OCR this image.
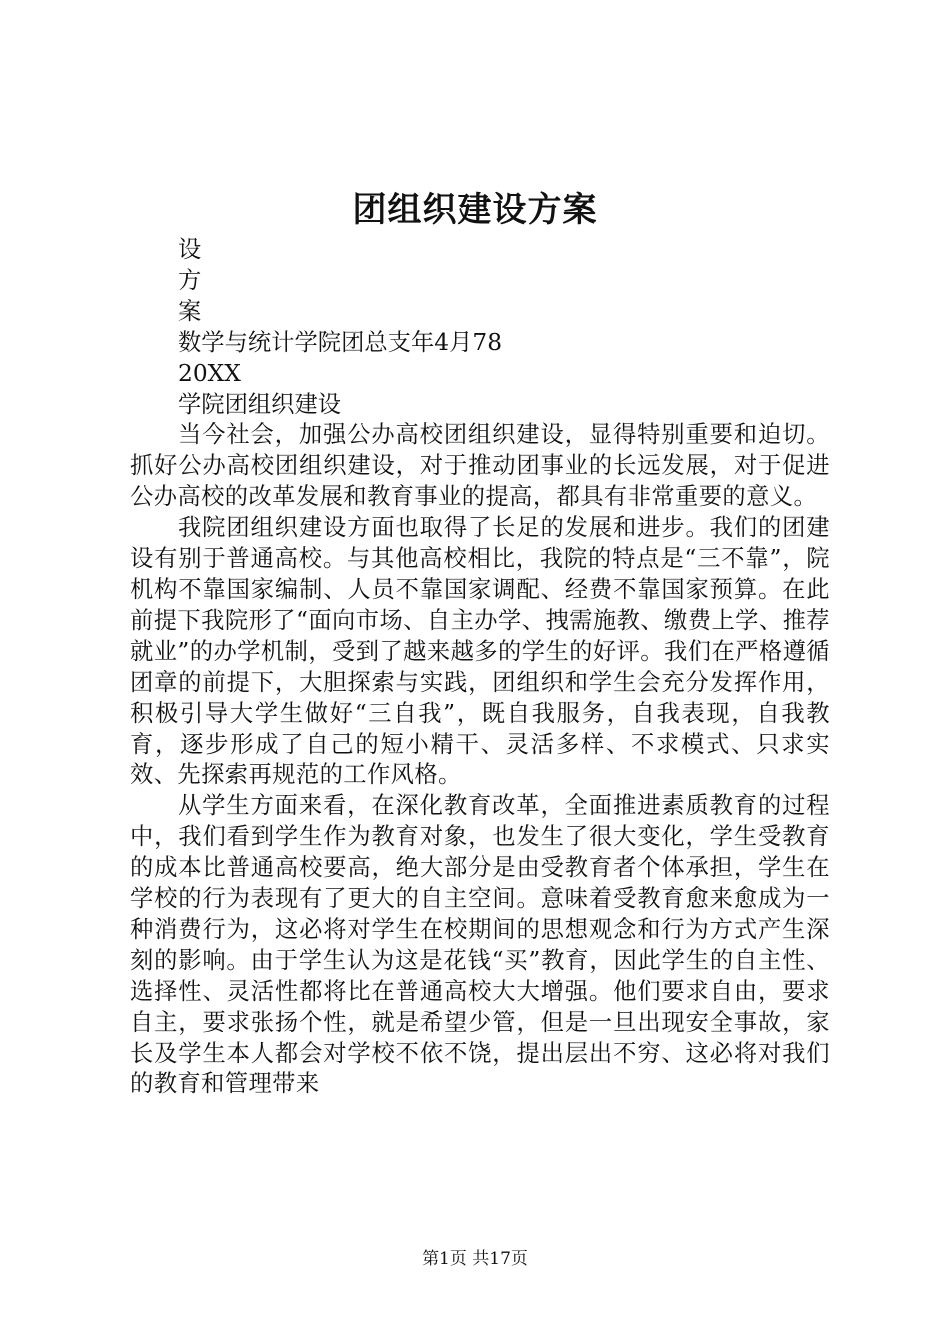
团组织建设方案
设
方
案
数学与统计学院团总支年4月78
20XX
学院团组织建设

当今社会，加强公办高校团组织建设，显得特别重要和迫切。抓好公办高校团组织建设，对于推动团事业的长远发展，对于促进公办高校的改革发展和教育事业的提高，都具有非常重要的意义。

我院团组织建设方面也取得了长足的发展和进步。我们的团建设有别于普通高校。与其他高校相比，我院的特点是“三不靠”，院机构不靠国家编制、人员不靠国家调配、经费不靠国家预算。在此前提下我院形了“面向市场、自主办学、拽需施教、缴费上学、推荐就业”的办学机制，受到了越来越多的学生的好评。我们在严格遵循团章的前提下，大胆探索与实践，团组织和学生会充分发挥作用，积极引导大学生做好“三自我”，既自我服务，自我表现，自我教育，逐步形成了自己的短小精干、灵活多样、不求模式、只求实效、先探索再规范的工作风格。

从学生方面来看，在深化教育改革，全面推进素质教育的过程中，我们看到学生作为教育对象，也发生了很大变化，学生受教育的成本比普通高校要高，绝大部分是由受教育者个体承担，学生在学校的行为表现有了更大的自主空间。意味着受教育愈来愈成为一种消费行为，这必将对学生在校期间的思想观念和行为方式产生深刻的影响。由于学生认为这是花钱“买”教育，因此学生的自主性、选择性、灵活性都将比在普通高校大大增强。他们要求自由，要求自主，要求张扬个性，就是希望少管，但是一旦出现安全事故，家长及学生本人都会对学校不依不饶，提出层出不穷、这必将对我们的教育和管理带来

第1页 共17页
